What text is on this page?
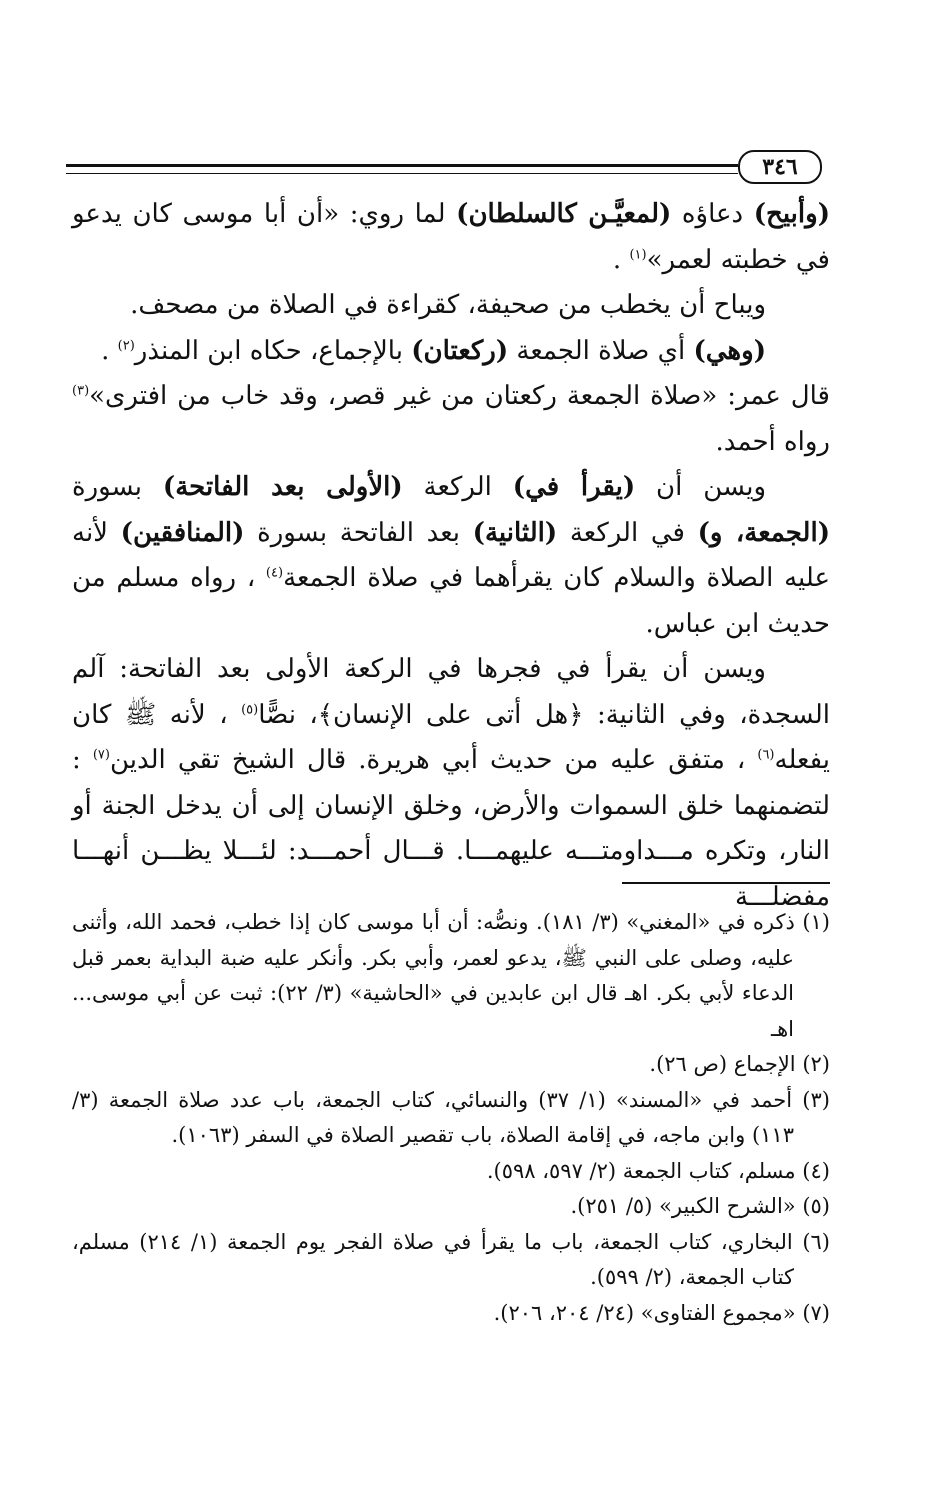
٣٤٦

(وأبيح) دعاؤه (لمعيَّـن كالسلطان) لما روي: «أن أبا موسى كان يدعو في خطبته لعمر»$^{(١)}$ .

ويباح أن يخطب من صحيفة، كقراءة في الصلاة من مصحف.

(وهي) أي صلاة الجمعة (ركعتان) بالإجماع، حكاه ابن المنذر$^{(٢)}$ .

قال عمر: «صلاة الجمعة ركعتان من غير قصر، وقد خاب من افترى»$^{(٣)}$ رواه أحمد.

ويسن أن (يقرأ في) الركعة (الأولى بعد الفاتحة) بسورة (الجمعة، و) في الركعة (الثانية) بعد الفاتحة بسورة (المنافقين) لأنه عليه الصلاة والسلام كان يقرأهما في صلاة الجمعة$^{(٤)}$ ، رواه مسلم من حديث ابن عباس.

ويسن أن يقرأ في فجرها في الركعة الأولى بعد الفاتحة: آلم السجدة، وفي الثانية: ﴿هل أتى على الإنسان﴾، نصًّا$^{(٥)}$ ، لأنه ﷺ كان يفعله$^{(٦)}$ ، متفق عليه من حديث أبي هريرة. قال الشيخ تقي الدين$^{(٧)}$ : لتضمنهما خلق السموات والأرض، وخلق الإنسان إلى أن يدخل الجنة أو النار، وتكره مـــداومتـــه عليهمـــا. قـــال أحمـــد: لئـــلا يظـــن أنهـــا مفضلـــة

(١) ذكره في «المغني» (٣/ ١٨١). ونصُّه: أن أبا موسى كان إذا خطب، فحمد الله، وأثنى عليه، وصلى على النبي ﷺ، يدعو لعمر، وأبي بكر. وأنكر عليه ضبة البداية بعمر قبل الدعاء لأبي بكر. اهـ قال ابن عابدين في «الحاشية» (٣/ ٢٢): ثبت عن أبي موسى... اهـ

(٢) الإجماع (ص ٢٦).

(٣) أحمد في «المسند» (١/ ٣٧) والنسائي، كتاب الجمعة، باب عدد صلاة الجمعة (٣/ ١١٣) وابن ماجه، في إقامة الصلاة، باب تقصير الصلاة في السفر (١٠٦٣).

(٤) مسلم، كتاب الجمعة (٢/ ٥٩٧، ٥٩٨).

(٥) «الشرح الكبير» (٥/ ٢٥١).

(٦) البخاري، كتاب الجمعة، باب ما يقرأ في صلاة الفجر يوم الجمعة (١/ ٢١٤) مسلم، كتاب الجمعة، (٢/ ٥٩٩).

(٧) «مجموع الفتاوى» (٢٤/ ٢٠٤، ٢٠٦).
